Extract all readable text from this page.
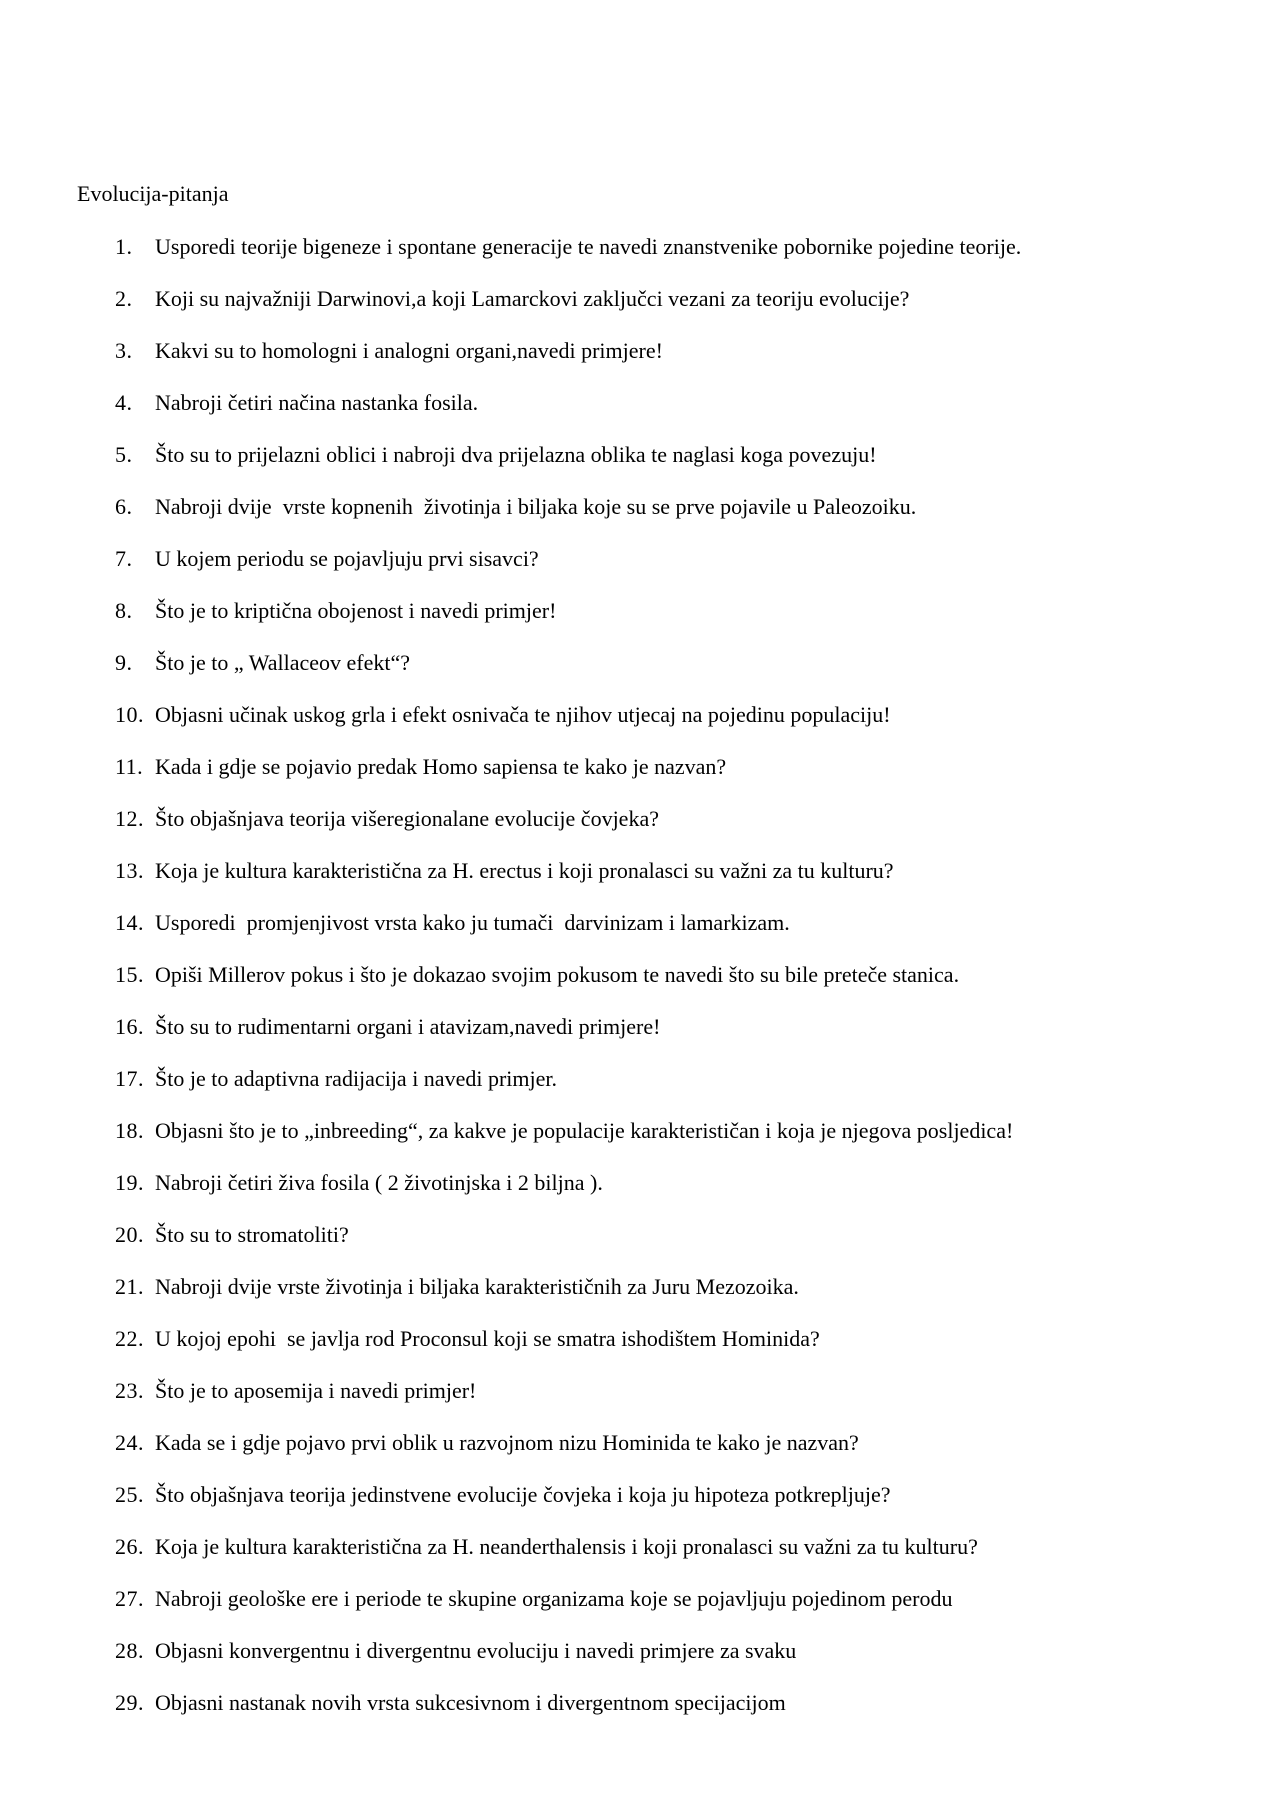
Evolucija-pitanja
1. Usporedi teorije bigeneze i spontane generacije te navedi znanstvenike pobornike pojedine teorije.
2. Koji su najvažniji Darwinovi,a koji Lamarckovi zaključci vezani za teoriju evolucije?
3. Kakvi su to homologni i analogni organi,navedi primjere!
4. Nabroji četiri načina nastanka fosila.
5. Što su to prijelazni oblici i nabroji dva prijelazna oblika te naglasi koga povezuju!
6. Nabroji dvije  vrste kopnenih  životinja i biljaka koje su se prve pojavile u Paleozoiku.
7. U kojem periodu se pojavljuju prvi sisavci?
8. Što je to kriptična obojenost i navedi primjer!
9. Što je to „ Wallaceov efekt“?
10. Objasni učinak uskog grla i efekt osnivača te njihov utjecaj na pojedinu populaciju!
11. Kada i gdje se pojavio predak Homo sapiensa te kako je nazvan?
12. Što objašnjava teorija višeregionalane evolucije čovjeka?
13. Koja je kultura karakteristična za H. erectus i koji pronalasci su važni za tu kulturu?
14. Usporedi  promjenjivost vrsta kako ju tumači  darvinizam i lamarkizam.
15. Opiši Millerov pokus i što je dokazao svojim pokusom te navedi što su bile preteče stanica.
16. Što su to rudimentarni organi i atavizam,navedi primjere!
17. Što je to adaptivna radijacija i navedi primjer.
18. Objasni što je to „inbreeding“, za kakve je populacije karakterističan i koja je njegova posljedica!
19. Nabroji četiri živa fosila ( 2 životinjska i 2 biljna ).
20. Što su to stromatoliti?
21. Nabroji dvije vrste životinja i biljaka karakterističnih za Juru Mezozoika.
22. U kojoj epohi  se javlja rod Proconsul koji se smatra ishodištem Hominida?
23. Što je to aposemija i navedi primjer!
24. Kada se i gdje pojavo prvi oblik u razvojnom nizu Hominida te kako je nazvan?
25. Što objašnjava teorija jedinstvene evolucije čovjeka i koja ju hipoteza potkrepljuje?
26. Koja je kultura karakteristična za H. neanderthalensis i koji pronalasci su važni za tu kulturu?
27. Nabroji geološke ere i periode te skupine organizama koje se pojavljuju pojedinom perodu
28. Objasni konvergentnu i divergentnu evoluciju i navedi primjere za svaku
29. Objasni nastanak novih vrsta sukcesivnom i divergentnom specijacijom
